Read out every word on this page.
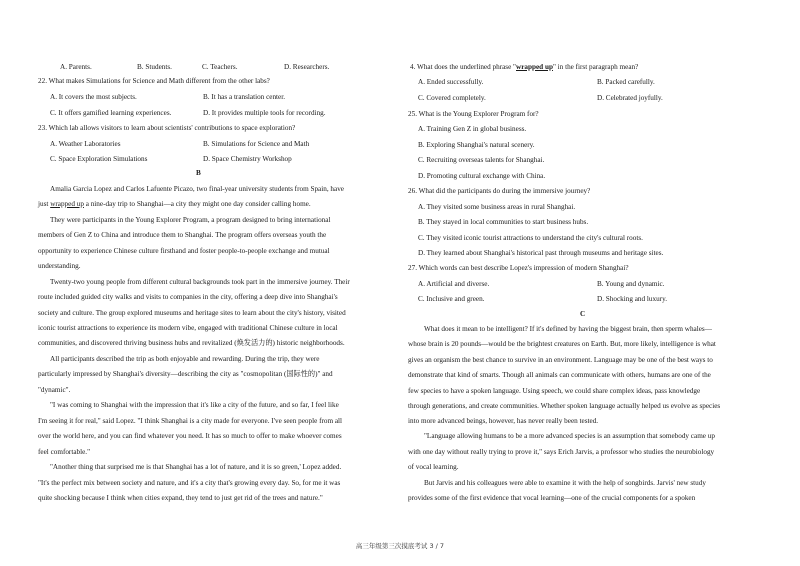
A. Parents.	B. Students.	C. Teachers.	D. Researchers.
22. What makes Simulations for Science and Math different from the other labs?
A. It covers the most subjects.	B. It has a translation center.
C. It offers gamified learning experiences.	D. It provides multiple tools for recording.
23. Which lab allows visitors to learn about scientists' contributions to space exploration?
A. Weather Laboratories	B. Simulations for Science and Math
C. Space Exploration Simulations	D. Space Chemistry Workshop
B
Amalia Garcia Lopez and Carlos Lafuente Picazo, two final-year university students from Spain, have
just wrapped up a nine-day trip to Shanghai—a city they might one day consider calling home.
They were participants in the Young Explorer Program, a program designed to bring international
members of Gen Z to China and introduce them to Shanghai. The program offers overseas youth the
opportunity to experience Chinese culture firsthand and foster people-to-people exchange and mutual
understanding.
Twenty-two young people from different cultural backgrounds took part in the immersive journey. Their
route included guided city walks and visits to companies in the city, offering a deep dive into Shanghai's
society and culture. The group explored museums and heritage sites to learn about the city's history, visited
iconic tourist attractions to experience its modern vibe, engaged with traditional Chinese culture in local
communities, and discovered thriving business hubs and revitalized (焕发活力的) historic neighborhoods.
All participants described the trip as both enjoyable and rewarding. During the trip, they were
particularly impressed by Shanghai's diversity—describing the city as "cosmopolitan (国际性的)" and
"dynamic".
"I was coming to Shanghai with the impression that it's like a city of the future, and so far, I feel like
I'm seeing it for real," said Lopez. "I think Shanghai is a city made for everyone. I've seen people from all
over the world here, and you can find whatever you need. It has so much to offer to make whoever comes
feel comfortable."
"Another thing that surprised me is that Shanghai has a lot of nature, and it is so green,' Lopez added.
"It's the perfect mix between society and nature, and it's a city that's growing every day. So, for me it was
quite shocking because I think when cities expand, they tend to just get rid of the trees and nature."
4. What does the underlined phrase "wrapped up" in the first paragraph mean?
A. Ended successfully.	B. Packed carefully.
C. Covered completely.	D. Celebrated joyfully.
25. What is the Young Explorer Program for?
A. Training Gen Z in global business.
B. Exploring Shanghai's natural scenery.
C. Recruiting overseas talents for Shanghai.
D. Promoting cultural exchange with China.
26. What did the participants do during the immersive journey?
A. They visited some business areas in rural Shanghai.
B. They stayed in local communities to start business hubs.
C. They visited iconic tourist attractions to understand the city's cultural roots.
D. They learned about Shanghai's historical past through museums and heritage sites.
27. Which words can best describe Lopez's impression of modern Shanghai?
A. Artificial and diverse.	B. Young and dynamic.
C. Inclusive and green.	D. Shocking and luxury.
C
What does it mean to be intelligent? If it's defined by having the biggest brain, then sperm whales—
whose brain is 20 pounds—would be the brightest creatures on Earth. But, more likely, intelligence is what
gives an organism the best chance to survive in an environment. Language may be one of the best ways to
demonstrate that kind of smarts. Though all animals can communicate with others, humans are one of the
few species to have a spoken language. Using speech, we could share complex ideas, pass knowledge
through generations, and create communities. Whether spoken language actually helped us evolve as species
into more advanced beings, however, has never really been tested.
"Language allowing humans to be a more advanced species is an assumption that somebody came up
with one day without really trying to prove it," says Erich Jarvis, a professor who studies the neurobiology
of vocal learning.
But Jarvis and his colleagues were able to examine it with the help of songbirds. Jarvis' new study
provides some of the first evidence that vocal learning—one of the crucial components for a spoken
高三年级第三次摸底考试 3 / 7
